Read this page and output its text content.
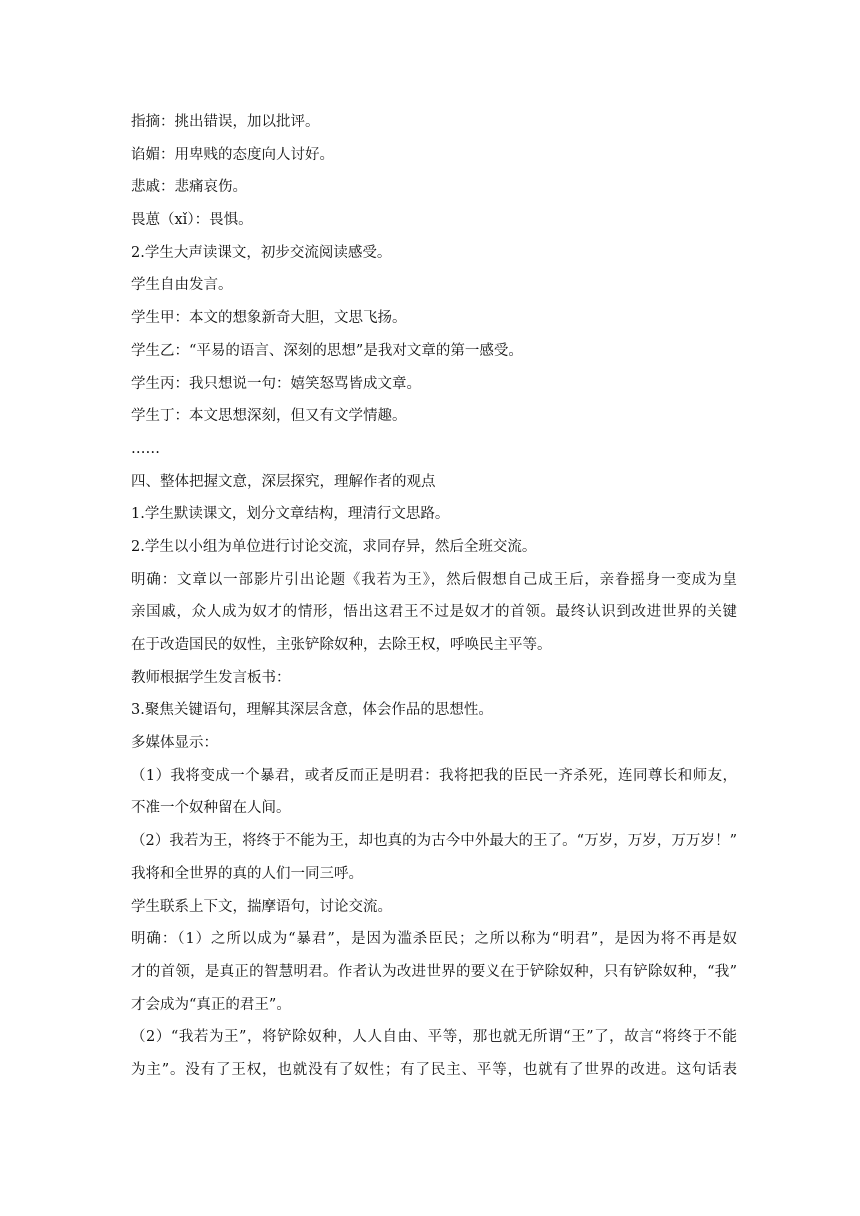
指摘：挑出错误，加以批评。
谄媚：用卑贱的态度向人讨好。
悲戚：悲痛哀伤。
畏葸（xǐ）：畏惧。
2.学生大声读课文，初步交流阅读感受。
学生自由发言。
学生甲：本文的想象新奇大胆，文思飞扬。
学生乙：“平易的语言、深刻的思想”是我对文章的第一感受。
学生丙：我只想说一句：嬉笑怒骂皆成文章。
学生丁：本文思想深刻，但又有文学情趣。
……
四、整体把握文意，深层探究，理解作者的观点
1.学生默读课文，划分文章结构，理清行文思路。
2.学生以小组为单位进行讨论交流，求同存异，然后全班交流。
明确：文章以一部影片引出论题《我若为王》，然后假想自己成王后，亲眷摇身一变成为皇
亲国戚，众人成为奴才的情形，悟出这君王不过是奴才的首领。最终认识到改进世界的关键
在于改造国民的奴性，主张铲除奴种，去除王权，呼唤民主平等。
教师根据学生发言板书：
3.聚焦关键语句，理解其深层含意，体会作品的思想性。
多媒体显示：
（1）我将变成一个暴君，或者反而正是明君：我将把我的臣民一齐杀死，连同尊长和师友，
不准一个奴种留在人间。
（2）我若为王，将终于不能为王，却也真的为古今中外最大的王了。“万岁，万岁，万万岁！”
我将和全世界的真的人们一同三呼。
学生联系上下文，揣摩语句，讨论交流。
明确：（1）之所以成为“暴君”，是因为滥杀臣民；之所以称为“明君”，是因为将不再是奴
才的首领，是真正的智慧明君。作者认为改进世界的要义在于铲除奴种，只有铲除奴种，“我”
才会成为“真正的君王”。
（2）“我若为王”，将铲除奴种，人人自由、平等，那也就无所谓“王”了，故言“将终于不能
为主”。没有了王权，也就没有了奴性；有了民主、平等，也就有了世界的改进。这句话表
